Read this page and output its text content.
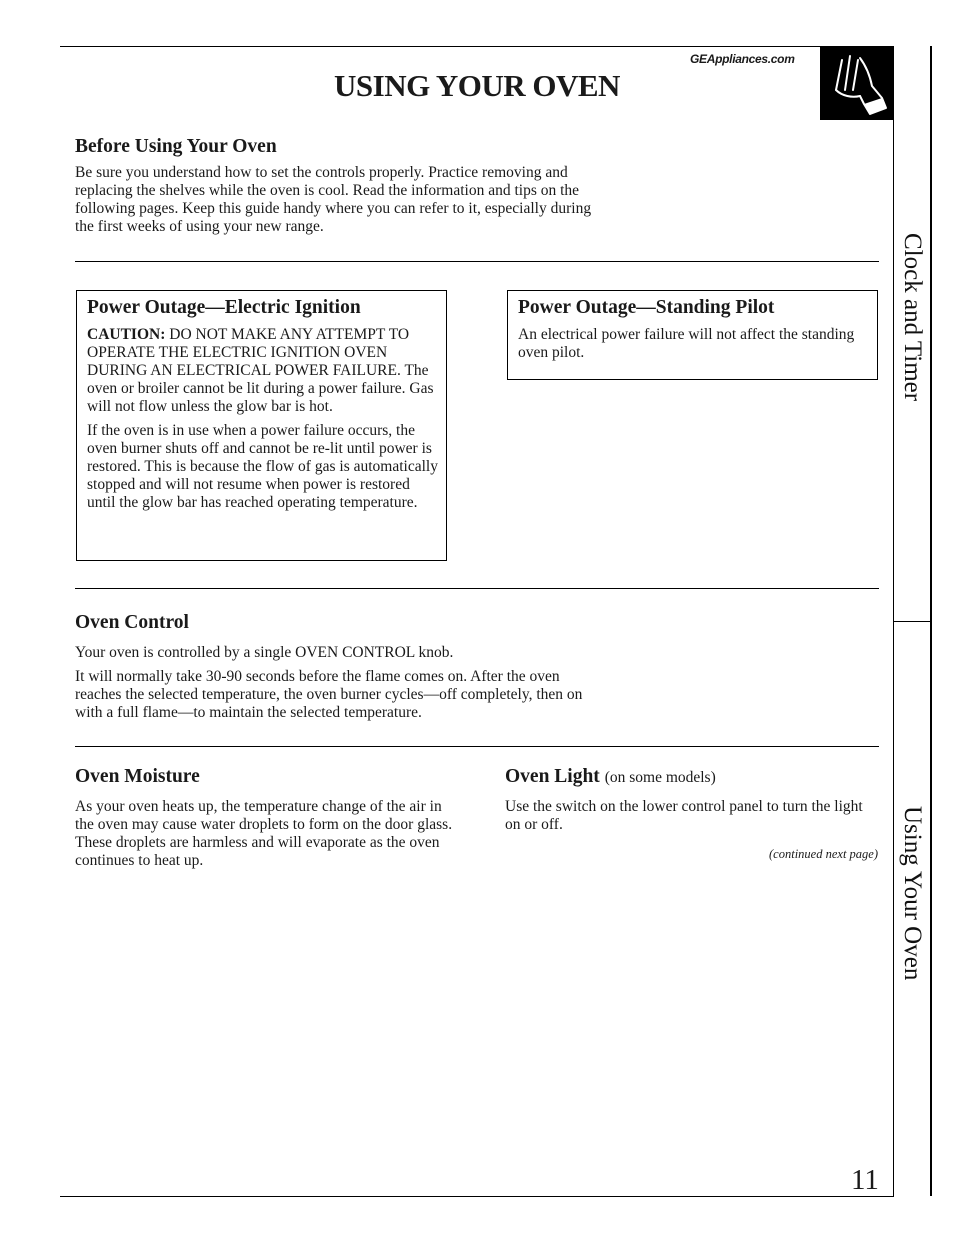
GEAppliances.com
USING YOUR OVEN
Clock and Timer
Using Your Oven
Before Using Your Oven

Be sure you understand how to set the controls properly. Practice removing and replacing the shelves while the oven is cool. Read the information and tips on the following pages. Keep this guide handy where you can refer to it, especially during the first weeks of using your new range.

Power Outage—Electric Ignition

CAUTION: DO NOT MAKE ANY ATTEMPT TO OPERATE THE ELECTRIC IGNITION OVEN DURING AN ELECTRICAL POWER FAILURE. The oven or broiler cannot be lit during a power failure. Gas will not flow unless the glow bar is hot.

If the oven is in use when a power failure occurs, the oven burner shuts off and cannot be re-lit until power is restored. This is because the flow of gas is automatically stopped and will not resume when power is restored until the glow bar has reached operating temperature.

Power Outage—Standing Pilot

An electrical power failure will not affect the standing oven pilot.

Oven Control

Your oven is controlled by a single OVEN CONTROL knob.

It will normally take 30-90 seconds before the flame comes on. After the oven reaches the selected temperature, the oven burner cycles—off completely, then on with a full flame—to maintain the selected temperature.

Oven Moisture

As your oven heats up, the temperature change of the air in the oven may cause water droplets to form on the door glass. These droplets are harmless and will evaporate as the oven continues to heat up.

Oven Light (on some models)

Use the switch on the lower control panel to turn the light on or off.

(continued next page)
11
